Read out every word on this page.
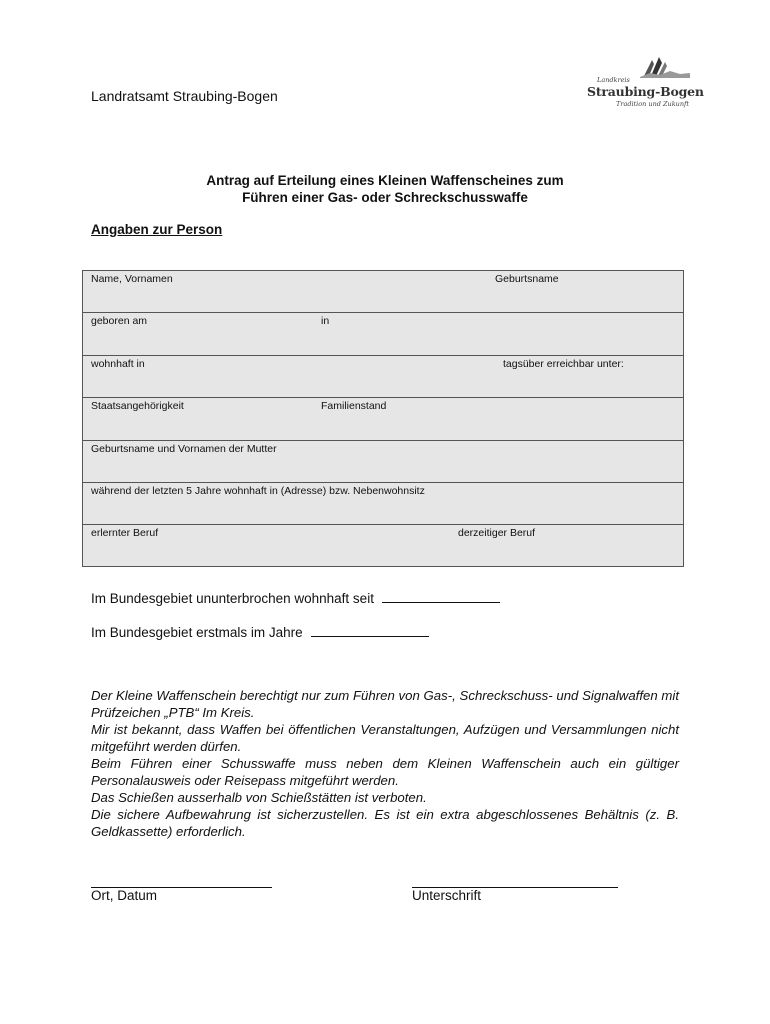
Landratsamt Straubing-Bogen
Landkreis
Straubing-Bogen
Tradition und Zukunft
Antrag auf Erteilung eines Kleinen Waffenscheines zum
Führen einer Gas- oder Schreckschusswaffe
Angaben zur Person
Name, Vornamen	Geburtsname
geboren am	in
wohnhaft in	tagsüber erreichbar unter:
Staatsangehörigkeit	Familienstand
Geburtsname und Vornamen der Mutter
während der letzten 5 Jahre wohnhaft in (Adresse) bzw. Nebenwohnsitz
erlernter Beruf	derzeitiger Beruf
Im Bundesgebiet ununterbrochen wohnhaft seit
Im Bundesgebiet erstmals im Jahre

Der Kleine Waffenschein berechtigt nur zum Führen von Gas-, Schreckschuss- und Signalwaffen mit Prüfzeichen „PTB“ Im Kreis.

Mir ist bekannt, dass Waffen bei öffentlichen Veranstaltungen, Aufzügen und Versammlungen nicht mitgeführt werden dürfen.

Beim Führen einer Schusswaffe muss neben dem Kleinen Waffenschein auch ein gültiger Personalausweis oder Reisepass mitgeführt werden.

Das Schießen ausserhalb von Schießstätten ist verboten.

Die sichere Aufbewahrung ist sicherzustellen. Es ist ein extra abgeschlossenes Behältnis (z. B. Geldkassette) erforderlich.

Ort, Datum	Unterschrift
